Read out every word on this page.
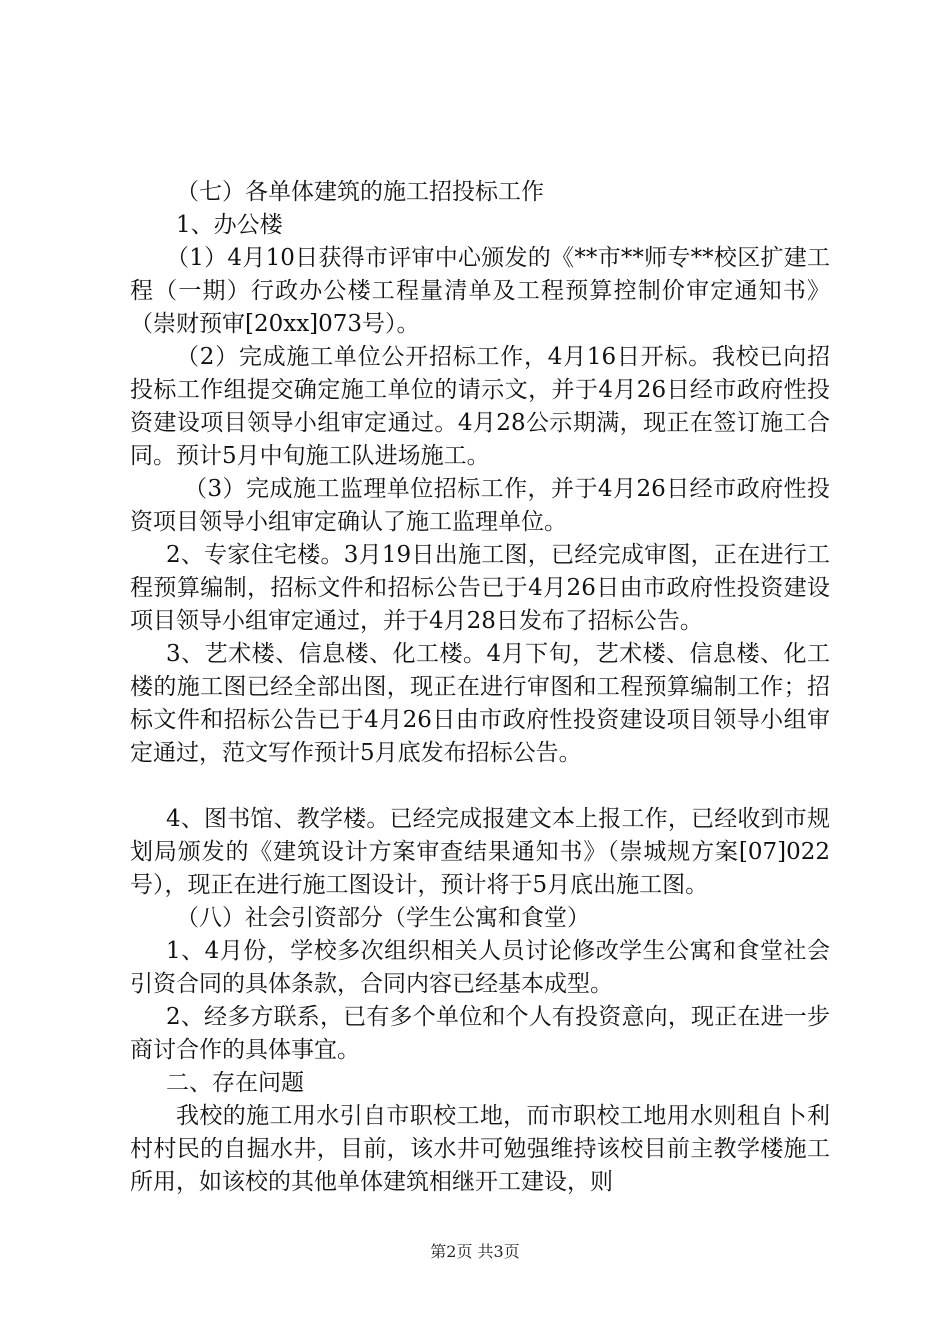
（七）各单体建筑的施工招投标工作

1、办公楼

（1）4月10日获得市评审中心颁发的《**市**师专**校区扩建工程（一期）行政办公楼工程量清单及工程预算控制价审定通知书》（崇财预审[20xx]073号）。

（2）完成施工单位公开招标工作，4月16日开标。我校已向招投标工作组提交确定施工单位的请示文，并于4月26日经市政府性投资建设项目领导小组审定通过。4月28公示期满，现正在签订施工合同。预计5月中旬施工队进场施工。

（3）完成施工监理单位招标工作，并于4月26日经市政府性投资项目领导小组审定确认了施工监理单位。

2、专家住宅楼。3月19日出施工图，已经完成审图，正在进行工程预算编制，招标文件和招标公告已于4月26日由市政府性投资建设项目领导小组审定通过，并于4月28日发布了招标公告。

3、艺术楼、信息楼、化工楼。4月下旬，艺术楼、信息楼、化工楼的施工图已经全部出图，现正在进行审图和工程预算编制工作；招标文件和招标公告已于4月26日由市政府性投资建设项目领导小组审定通过，范文写作预计5月底发布招标公告。

4、图书馆、教学楼。已经完成报建文本上报工作，已经收到市规划局颁发的《建筑设计方案审查结果通知书》（崇城规方案[07]022号），现正在进行施工图设计，预计将于5月底出施工图。

（八）社会引资部分（学生公寓和食堂）

1、4月份，学校多次组织相关人员讨论修改学生公寓和食堂社会引资合同的具体条款，合同内容已经基本成型。

2、经多方联系，已有多个单位和个人有投资意向，现正在进一步商讨合作的具体事宜。

二、存在问题

我校的施工用水引自市职校工地，而市职校工地用水则租自卜利村村民的自掘水井，目前，该水井可勉强维持该校目前主教学楼施工所用，如该校的其他单体建筑相继开工建设，则

第2页 共3页
